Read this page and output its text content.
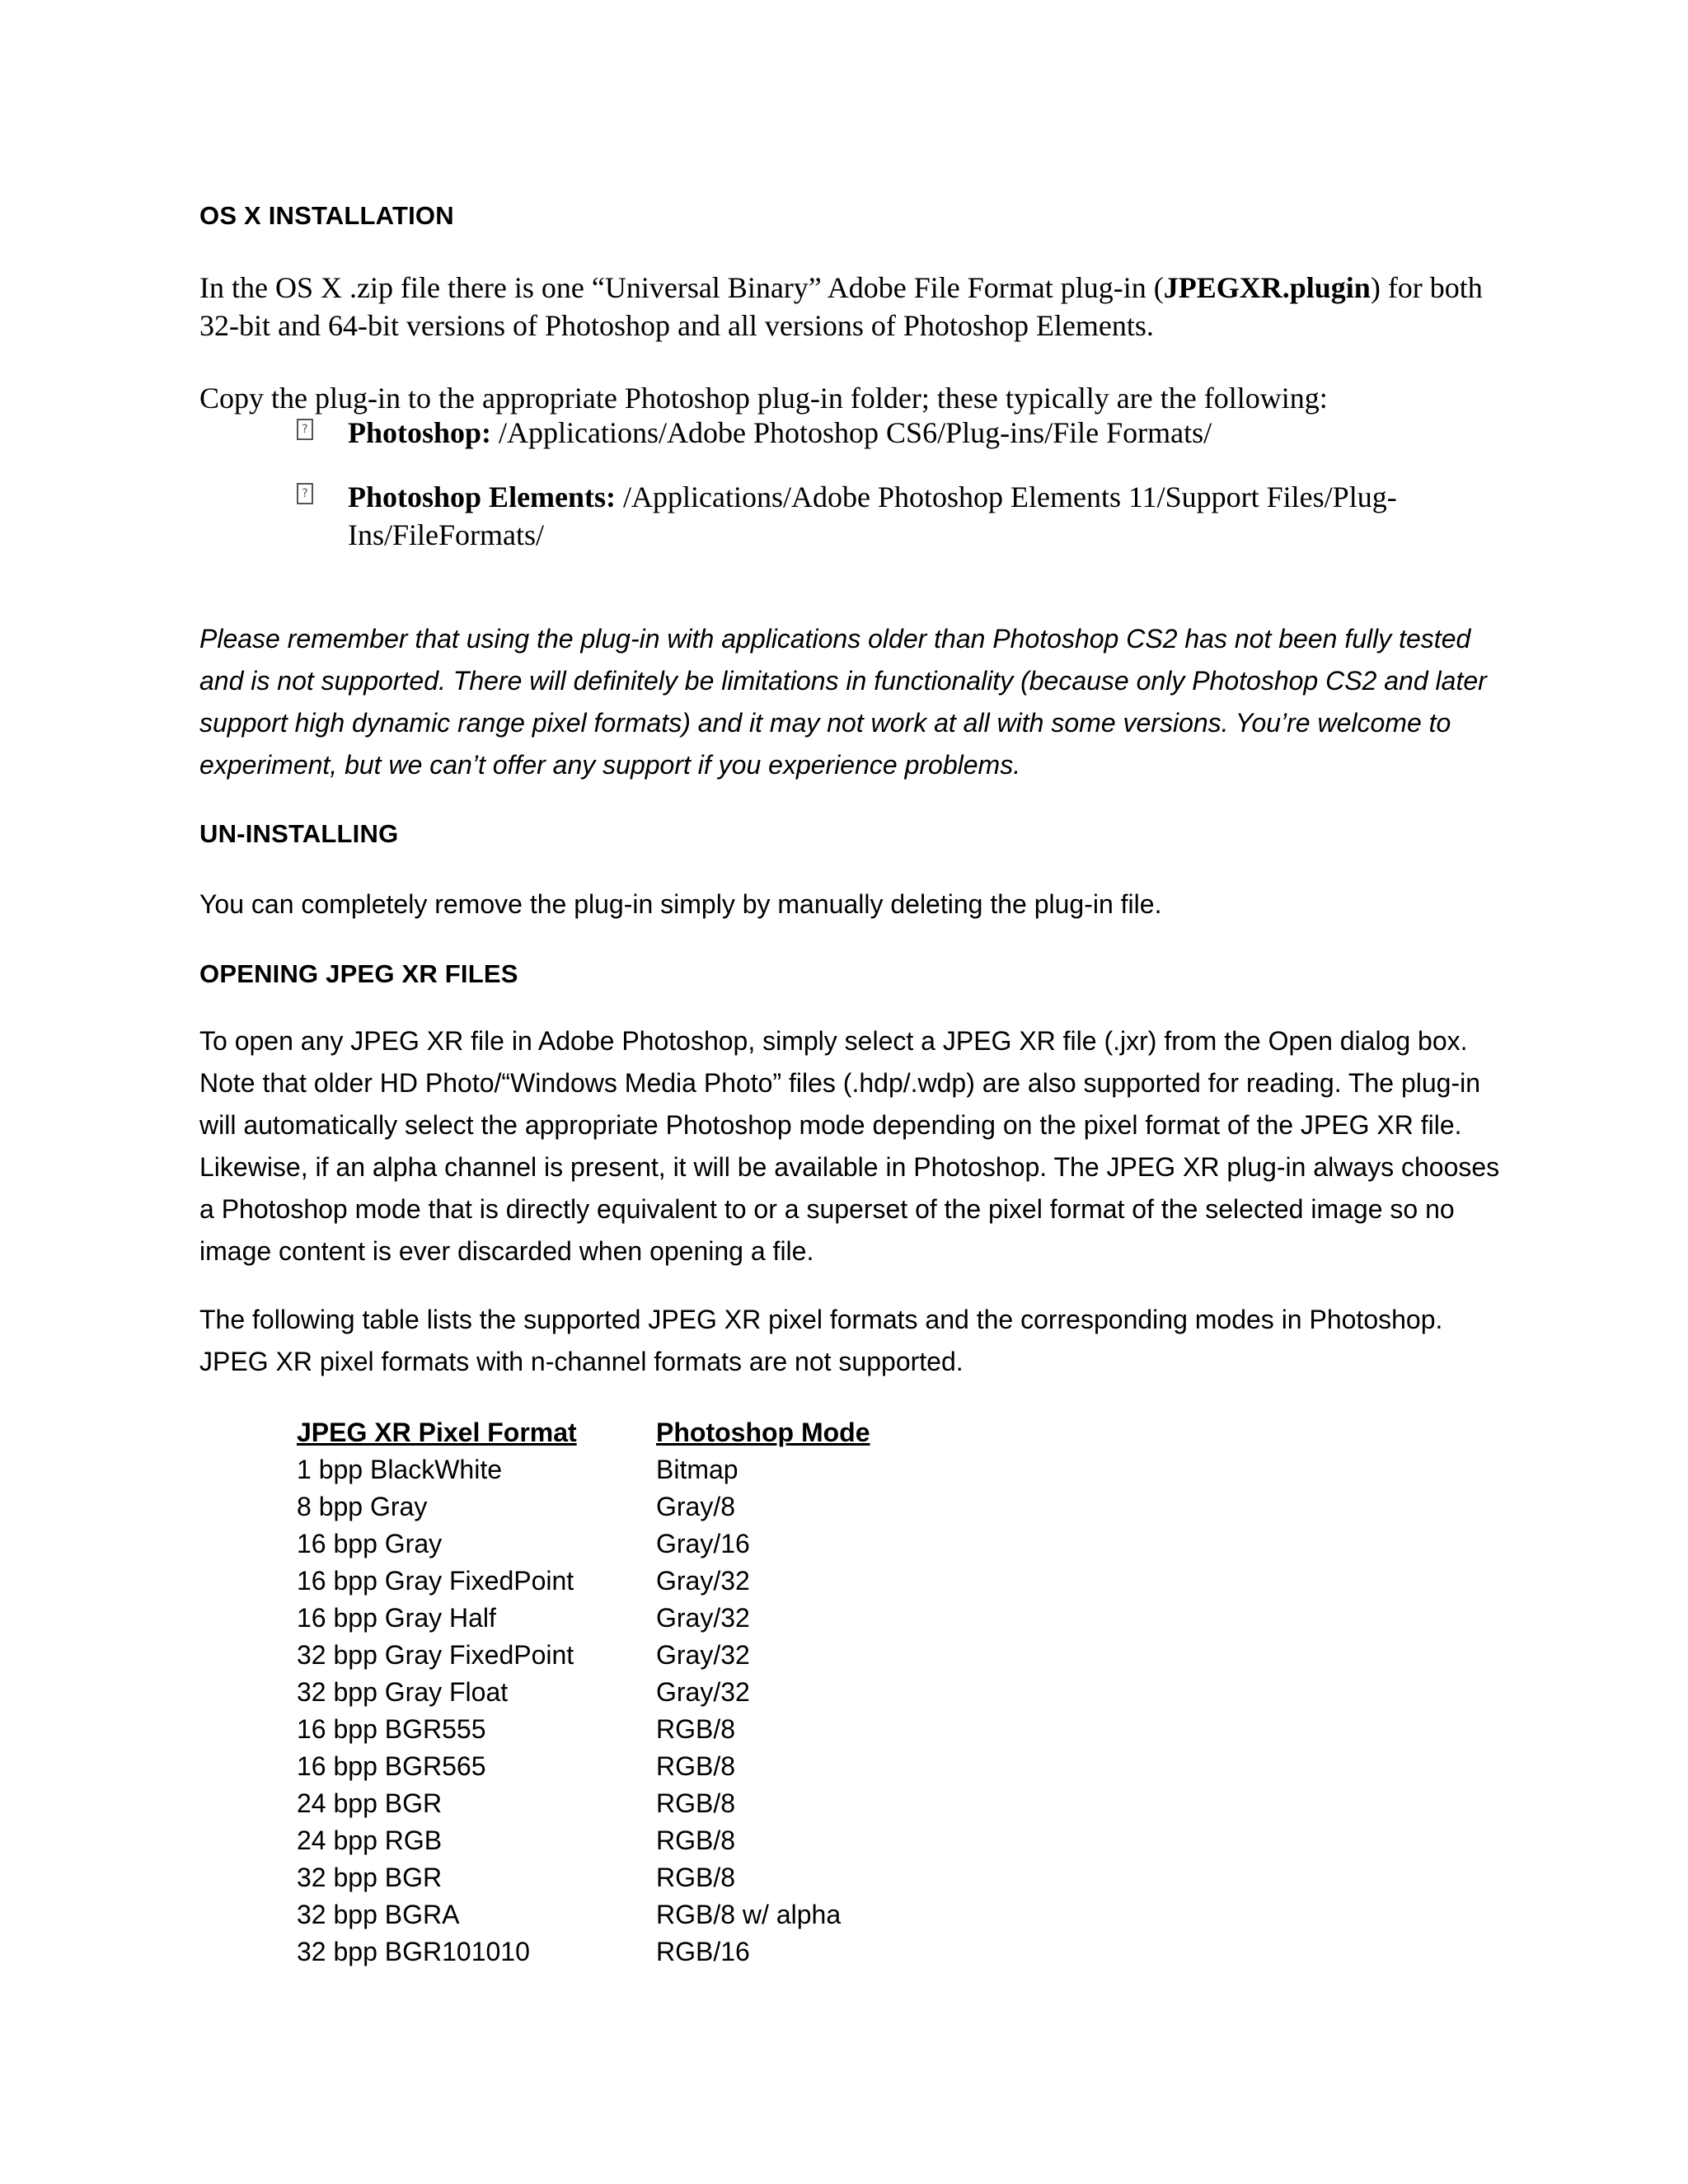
OS X INSTALLATION

In the OS X .zip file there is one “Universal Binary” Adobe File Format plug-in (JPEGXR.plugin) for both 32-bit and 64-bit versions of Photoshop and all versions of Photoshop Elements.

Copy the plug-in to the appropriate Photoshop plug-in folder; these typically are the following:

? Photoshop: /Applications/Adobe Photoshop CS6/Plug-ins/File Formats/
? Photoshop Elements: /Applications/Adobe Photoshop Elements 11/Support Files/Plug-Ins/FileFormats/

Please remember that using the plug-in with applications older than Photoshop CS2 has not been fully tested and is not supported. There will definitely be limitations in functionality (because only Photoshop CS2 and later support high dynamic range pixel formats) and it may not work at all with some versions. You’re welcome to experiment, but we can’t offer any support if you experience problems.

UN-INSTALLING

You can completely remove the plug-in simply by manually deleting the plug-in file.

OPENING JPEG XR FILES

To open any JPEG XR file in Adobe Photoshop, simply select a JPEG XR file (.jxr) from the Open dialog box. Note that older HD Photo/“Windows Media Photo” files (.hdp/.wdp) are also supported for reading. The plug-in will automatically select the appropriate Photoshop mode depending on the pixel format of the JPEG XR file. Likewise, if an alpha channel is present, it will be available in Photoshop. The JPEG XR plug-in always chooses a Photoshop mode that is directly equivalent to or a superset of the pixel format of the selected image so no image content is ever discarded when opening a file.

The following table lists the supported JPEG XR pixel formats and the corresponding modes in Photoshop. JPEG XR pixel formats with n-channel formats are not supported.

JPEG XR Pixel Format	Photoshop Mode
1 bpp BlackWhite	Bitmap
8 bpp Gray	Gray/8
16 bpp Gray	Gray/16
16 bpp Gray FixedPoint	Gray/32
16 bpp Gray Half	Gray/32
32 bpp Gray FixedPoint	Gray/32
32 bpp Gray Float	Gray/32
16 bpp BGR555	RGB/8
16 bpp BGR565	RGB/8
24 bpp BGR	RGB/8
24 bpp RGB	RGB/8
32 bpp BGR	RGB/8
32 bpp BGRA	RGB/8 w/ alpha
32 bpp BGR101010	RGB/16
